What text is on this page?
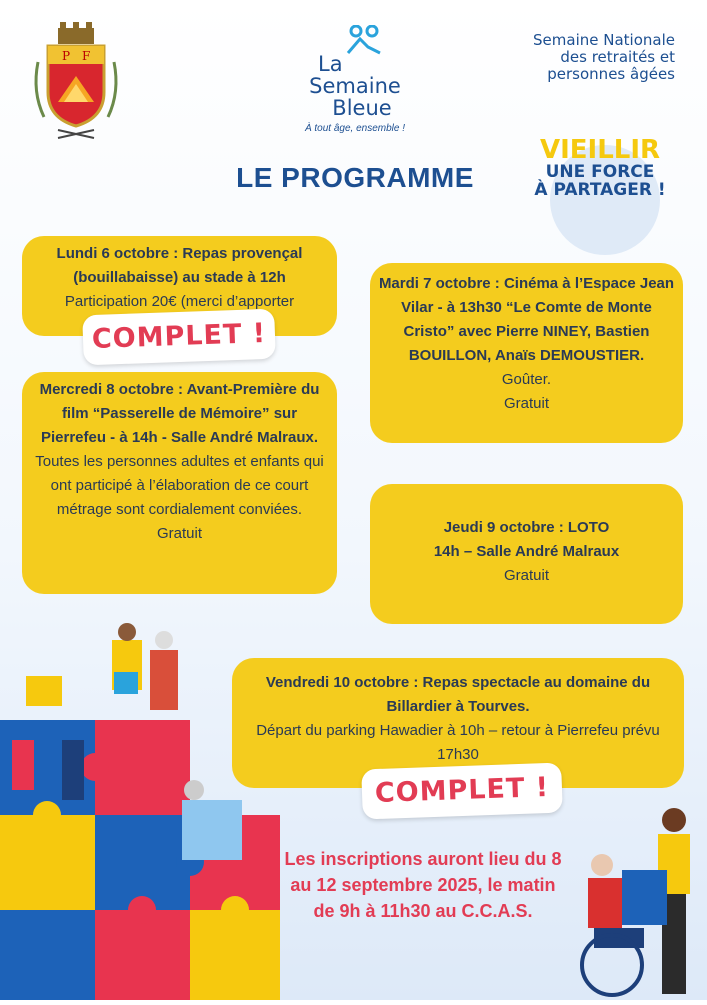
P F	La
Semaine
Bleue
À tout âge, ensemble !
Semaine Nationale
des retraités et
personnes âgées
LE PROGRAMME
VIEILLIR
UNE FORCE
À PARTAGER !
Lundi 6 octobre : Repas provençal (bouillabaisse) au stade à 12h
Participation 20€ (merci d’apporter
Mardi 7 octobre : Cinéma à l’Espace Jean Vilar - à 13h30 “Le Comte de Monte Cristo” avec Pierre NINEY, Bastien BOUILLON, Anaïs DEMOUSTIER.
Goûter.
Gratuit
Mercredi 8 octobre : Avant-Première du film “Passerelle de Mémoire” sur Pierrefeu - à 14h - Salle André Malraux.
Toutes les personnes adultes et enfants qui ont participé à l’élaboration de ce court métrage sont cordialement conviées.
Gratuit	Jeudi 9 octobre : LOTO
14h – Salle André Malraux
Gratuit
Vendredi 10 octobre : Repas spectacle au domaine du Billardier à Tourves.
Départ du parking Hawadier à 10h – retour à Pierrefeu prévu 17h30
COMPLET !
COMPLET !
Les inscriptions auront lieu du 8 au 12 septembre 2025, le matin de 9h à 11h30 au C.C.A.S.
